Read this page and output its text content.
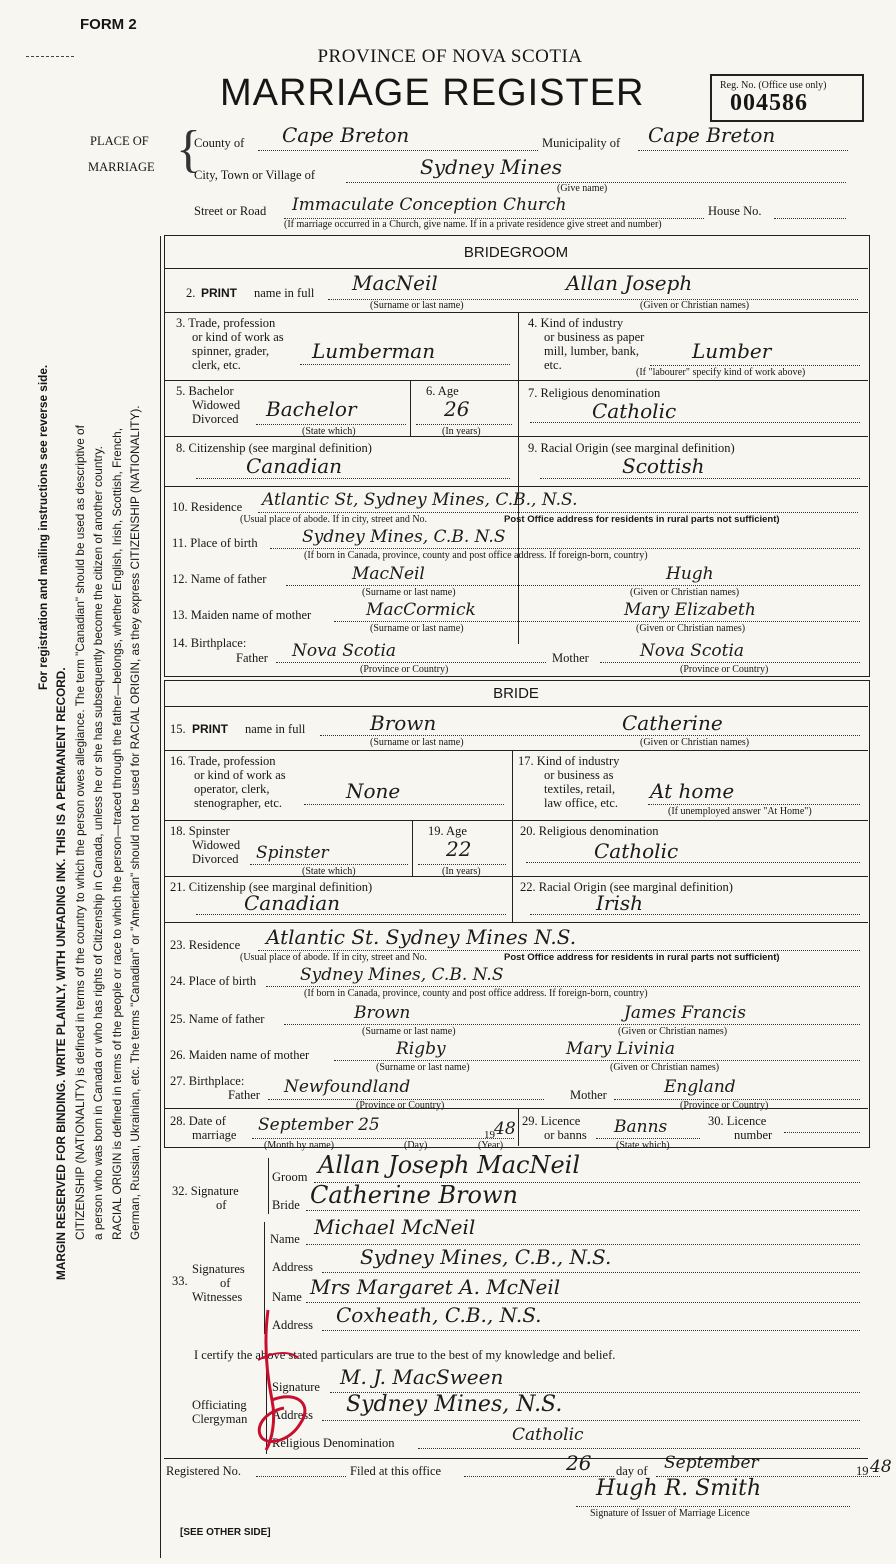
FORM 2
PROVINCE OF NOVA SCOTIA
MARRIAGE REGISTER	Reg. No. (Office use only)
004586
For registration and mailing instructions see reverse side.
MARGIN RESERVED FOR BINDING. WRITE PLAINLY, WITH UNFADING INK. THIS IS A PERMANENT RECORD. CITIZENSHIP (NATIONALITY) is defined in terms of the country to which the person owes allegiance. The term "Canadian" should be used as descriptive of a person who was born in Canada or who has rights of Citizenship in Canada, unless he or she has subsequently become the citizen of another country. RACIAL ORIGIN is defined in terms of the people or race to which the person—traced through the father—belongs, whether English, Irish, Scottish, French, German, Russian, Ukrainian, etc. The terms "Canadian" or "American" should not be used for RACIAL ORIGIN, as they express CITIZENSHIP (NATIONALITY).
PLACE OF
MARRIAGE {
County of Cape Breton	Municipality of Cape Breton
City, Town or Village of	Sydney Mines
(Give name)
Street or Road Immaculate Conception Church	House No.
(If marriage occurred in a Church, give name. If in a private residence give street and number)
BRIDEGROOM
2. PRINT name in full MacNeil	Allan Joseph
(Surname or last name)	(Given or Christian names)
3. Trade, profession
or kind of work as
spinner, grader,
clerk, etc.
Lumberman
4. Kind of industry
or business as paper
mill, lumber, bank,
etc.
Lumber
(If "labourer" specify kind of work above)
5. Bachelor
Widowed
Divorced Bachelor
(State which)
6. Age
26
(In years)
7. Religious denomination
Catholic
8. Citizenship (see marginal definition)
Canadian
9. Racial Origin (see marginal definition)
Scottish
10. Residence Atlantic St, Sydney Mines, C.B., N.S.
(Usual place of abode. If in city, street and No.	Post Office address for residents in rural parts not sufficient)
11. Place of birth	Sydney Mines, C.B. N.S
(If born in Canada, province, county and post office address. If foreign-born, country)
12. Name of father	MacNeil	Hugh
(Surname or last name)	(Given or Christian names)
13. Maiden name of mother	MacCormick	Mary Elizabeth
(Surname or last name)	(Given or Christian names)
14. Birthplace:
Father Nova Scotia
(Province or Country)
Mother	Nova Scotia
(Province or Country)
BRIDE
15. PRINT name in full	Brown	Catherine
(Surname or last name)	(Given or Christian names)
16. Trade, profession
or kind of work as
operator, clerk,
stenographer, etc.	None
17. Kind of industry
or business as
textiles, retail,
law office, etc. At home
(If unemployed answer "At Home")
18. Spinster
Widowed
Divorced Spinster
(State which)
19. Age
22
(In years)
20. Religious denomination
Catholic
21. Citizenship (see marginal definition)
Canadian
22. Racial Origin (see marginal definition)
Irish
23. Residence Atlantic St. Sydney Mines N.S.
(Usual place of abode. If in city, street and No.	Post Office address for residents in rural parts not sufficient)
24. Place of birth	Sydney Mines, C.B. N.S
(If born in Canada, province, county and post office address. If foreign-born, country)
25. Name of father	Brown	James Francis
(Surname or last name)	(Given or Christian names)
26. Maiden name of mother	Rigby	Mary Livinia
(Surname or last name)	(Given or Christian names)
27. Birthplace:
Father Newfoundland
(Province or Country)
Mother	England
(Province or Country)
28. Date of
marriage September 25	19 48
(Month by name)	(Day)	(Year)
29. Licence
or banns Banns
(State which)
30. Licence
number
32. Signature
of
Groom Allan Joseph MacNeil
Bride Catherine Brown
33.
Signatures
of
Witnesses
Name Michael McNeil
Address Sydney Mines, C.B., N.S.
Name Mrs Margaret A. McNeil
Address Coxheath, C.B., N.S.
I certify the above stated particulars are true to the best of my knowledge and belief.
Officiating
Clergyman
Signature M. J. MacSween
Address Sydney Mines, N.S.
Religious Denomination	Catholic
Registered No.	Filed at this office	26 day of September	19 48
Hugh R. Smith
Signature of Issuer of Marriage Licence
[SEE OTHER SIDE]
